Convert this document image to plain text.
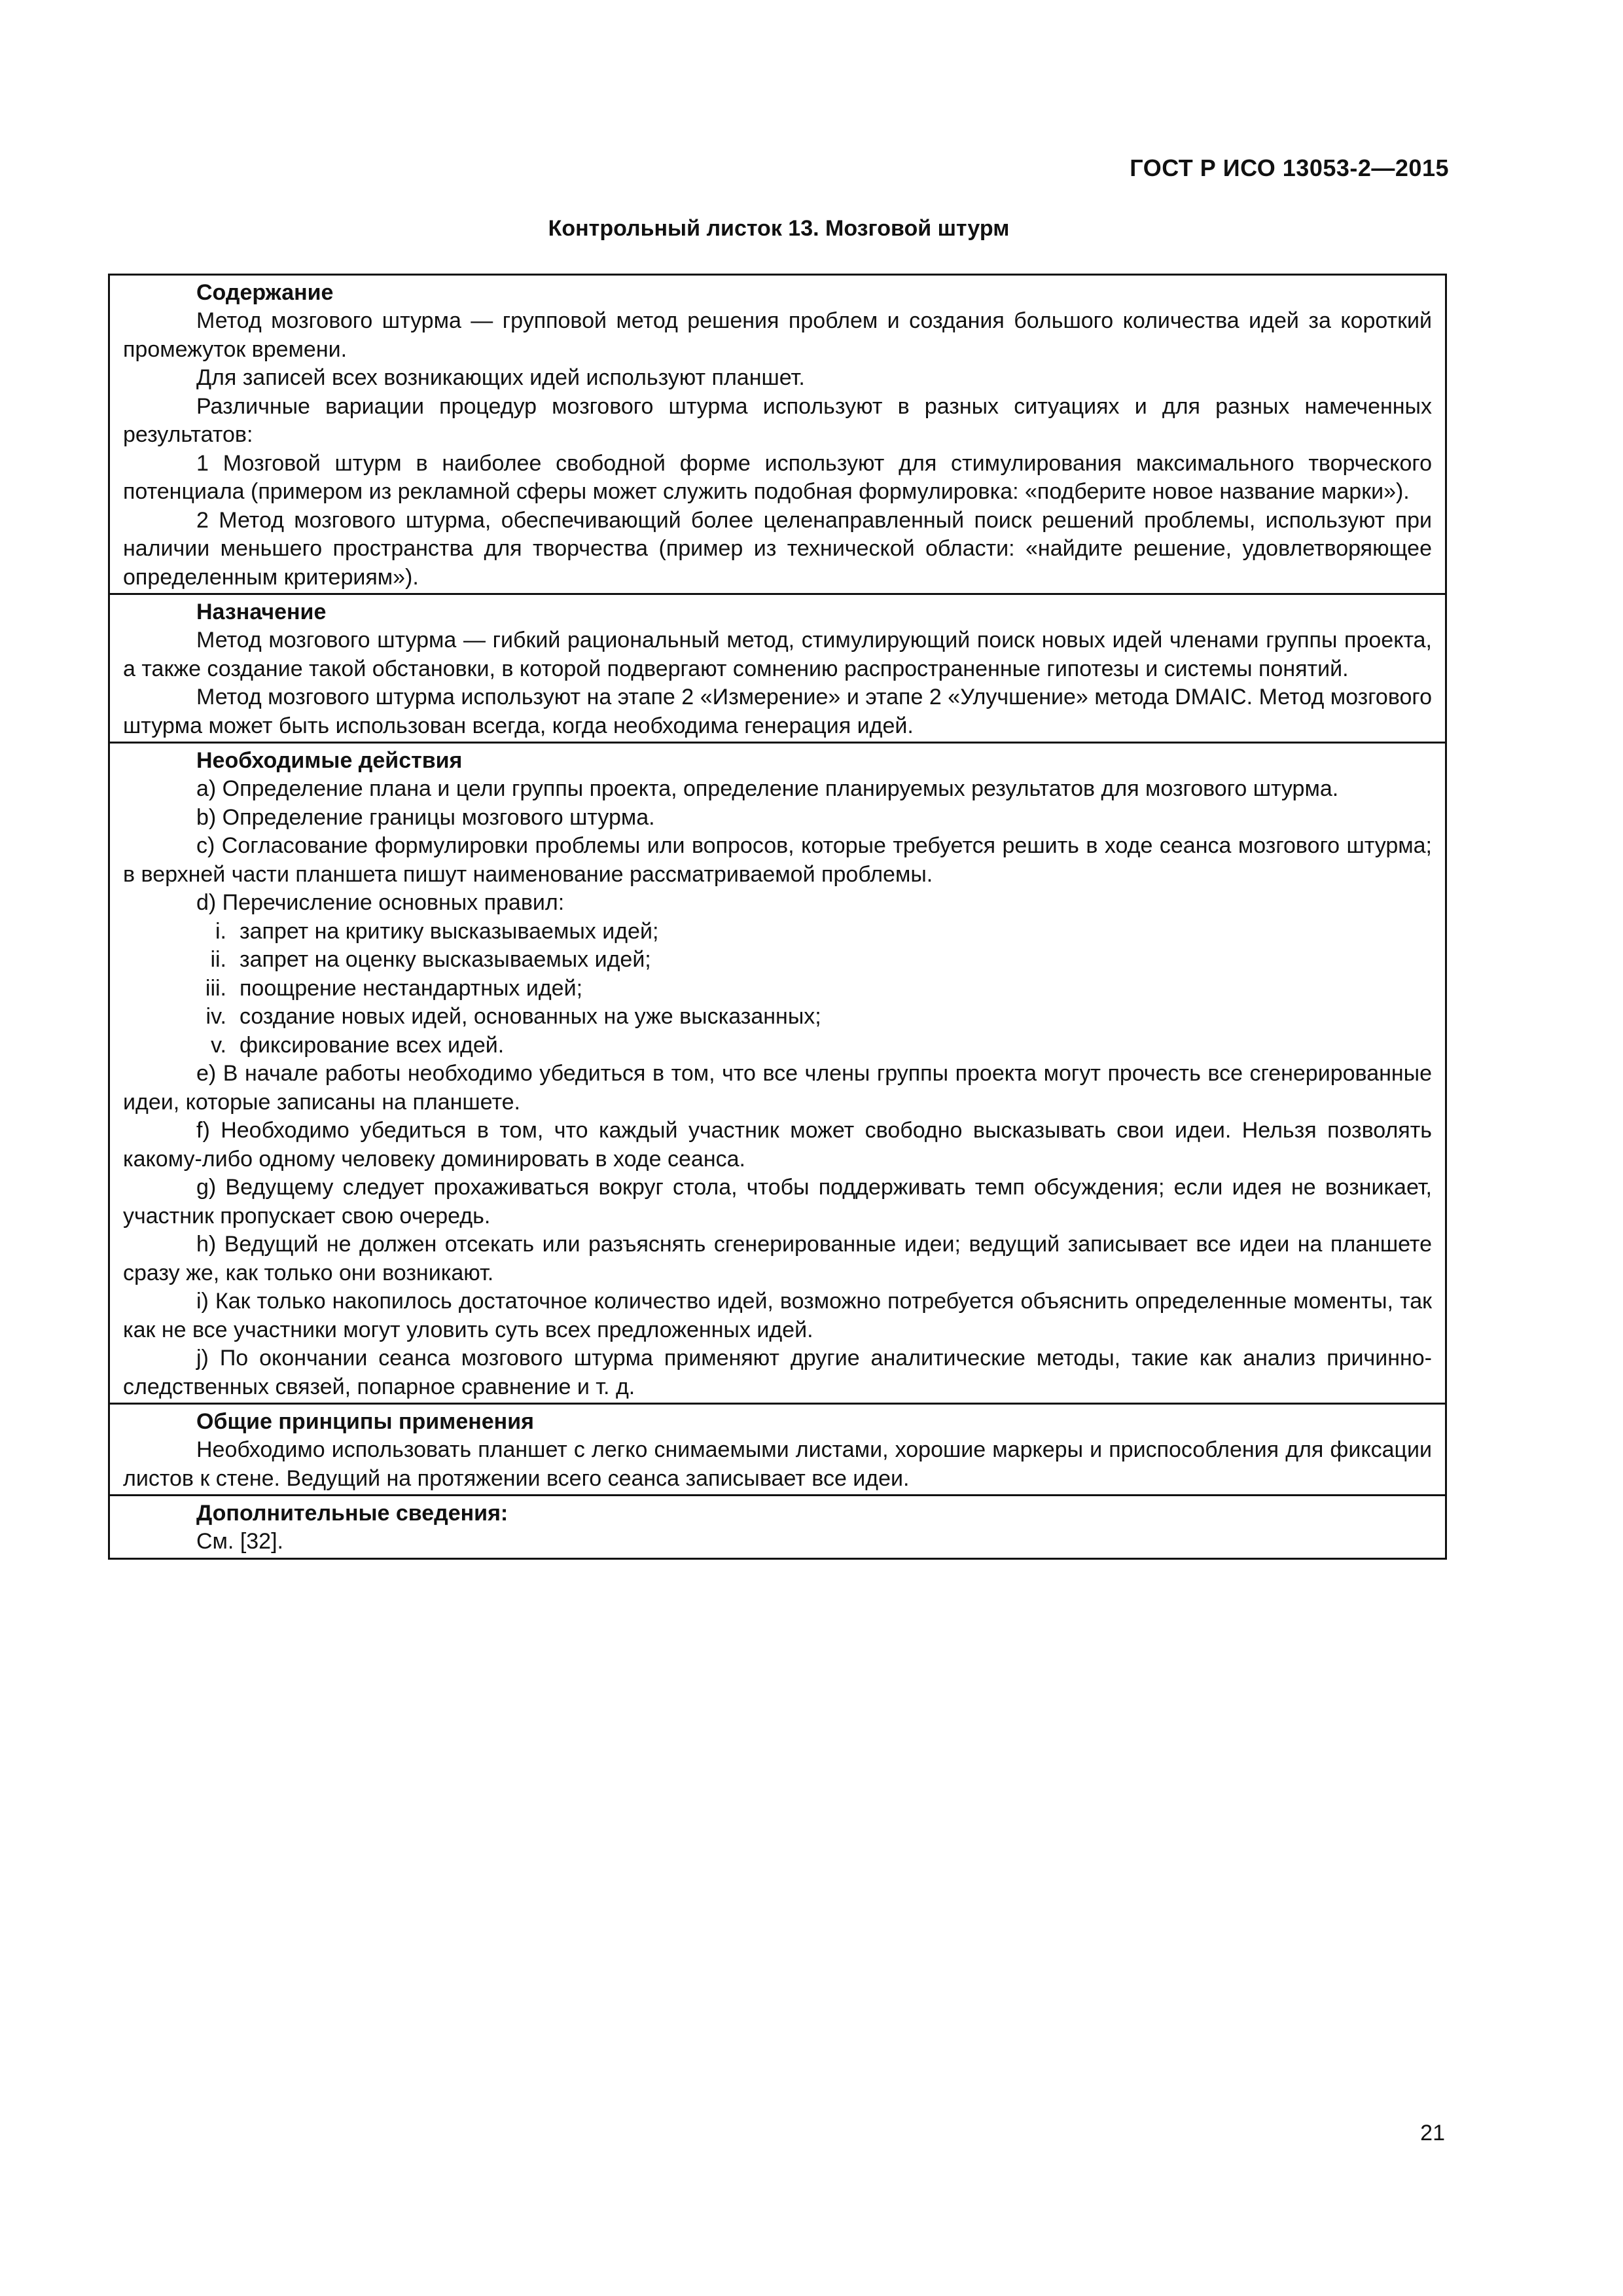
ГОСТ Р ИСО 13053-2—2015
Контрольный листок 13. Мозговой штурм
Содержание

Метод мозгового штурма — групповой метод решения проблем и создания большого количества идей за короткий промежуток времени.

Для записей всех возникающих идей используют планшет.

Различные вариации процедур мозгового штурма используют в разных ситуациях и для разных намеченных результатов:

1 Мозговой штурм в наиболее свободной форме используют для стимулирования максимального творческого потенциала (примером из рекламной сферы может служить подобная формулировка: «подберите новое название марки»).

2 Метод мозгового штурма, обеспечивающий более целенаправленный поиск решений проблемы, используют при наличии меньшего пространства для творчества (пример из технической области: «найдите решение, удовлетворяющее определенным критериям»).

Назначение

Метод мозгового штурма — гибкий рациональный метод, стимулирующий поиск новых идей членами группы проекта, а также создание такой обстановки, в которой подвергают сомнению распространенные гипотезы и системы понятий.

Метод мозгового штурма используют на этапе 2 «Измерение» и этапе 2 «Улучшение» метода DMAIC. Метод мозгового штурма может быть использован всегда, когда необходима генерация идей.

Необходимые действия

a) Определение плана и цели группы проекта, определение планируемых результатов для мозгового штурма.

b) Определение границы мозгового штурма.

c) Согласование формулировки проблемы или вопросов, которые требуется решить в ходе сеанса мозгового штурма; в верхней части планшета пишут наименование рассматриваемой проблемы.

d) Перечисление основных правил:

i. запрет на критику высказываемых идей;
ii. запрет на оценку высказываемых идей;
iii. поощрение нестандартных идей;
iv. создание новых идей, основанных на уже высказанных;
v. фиксирование всех идей.

e) В начале работы необходимо убедиться в том, что все члены группы проекта могут прочесть все сгенерированные идеи, которые записаны на планшете.

f) Необходимо убедиться в том, что каждый участник может свободно высказывать свои идеи. Нельзя позволять какому-либо одному человеку доминировать в ходе сеанса.

g) Ведущему следует прохаживаться вокруг стола, чтобы поддерживать темп обсуждения; если идея не возникает, участник пропускает свою очередь.

h) Ведущий не должен отсекать или разъяснять сгенерированные идеи; ведущий записывает все идеи на планшете сразу же, как только они возникают.

i) Как только накопилось достаточное количество идей, возможно потребуется объяснить определенные моменты, так как не все участники могут уловить суть всех предложенных идей.

j) По окончании сеанса мозгового штурма применяют другие аналитические методы, такие как анализ причинно-следственных связей, попарное сравнение и т. д.

Общие принципы применения

Необходимо использовать планшет с легко снимаемыми листами, хорошие маркеры и приспособления для фиксации листов к стене. Ведущий на протяжении всего сеанса записывает все идеи.

Дополнительные сведения:

См. [32].

21
